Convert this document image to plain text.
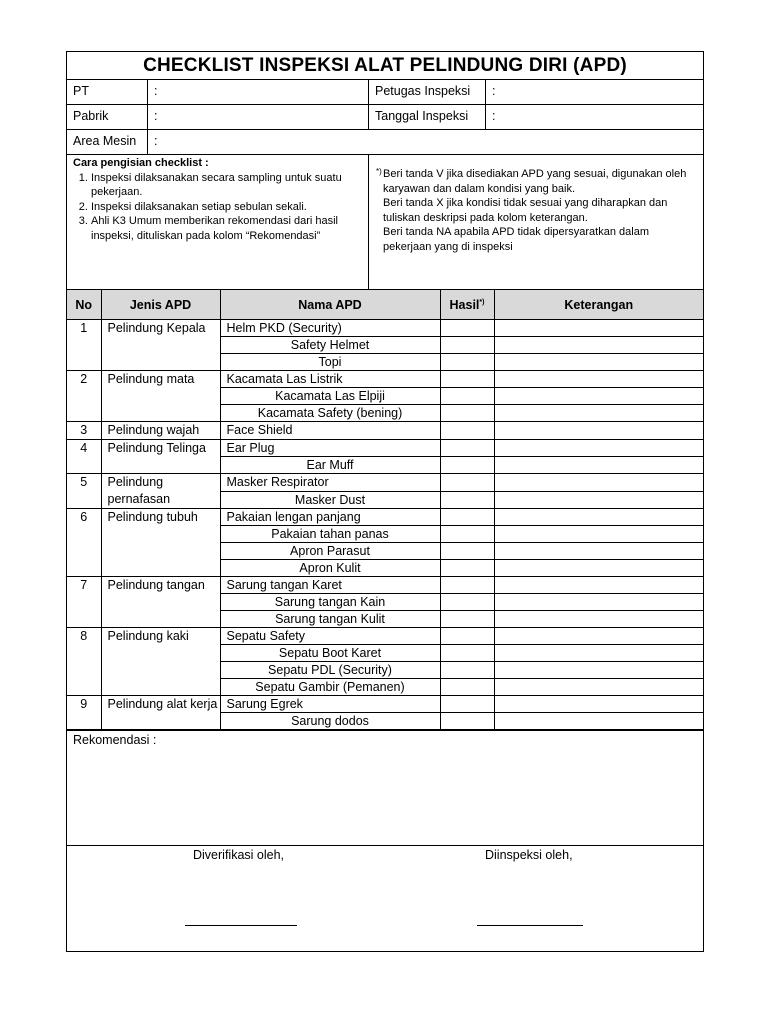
CHECKLIST INSPEKSI ALAT PELINDUNG DIRI (APD)
PT	:	Petugas Inspeksi	:
Pabrik	:	Tanggal Inspeksi	:
Area Mesin	:
Cara pengisian checklist :
1. Inspeksi dilaksanakan secara sampling untuk suatu pekerjaan.
2. Inspeksi dilaksanakan setiap sebulan sekali.
3. Ahli K3 Umum memberikan rekomendasi dari hasil inspeksi, dituliskan pada kolom “Rekomendasi”
*) Beri tanda V jika disediakan APD yang sesuai, digunakan oleh karyawan dan dalam kondisi yang baik.
Beri tanda X jika kondisi tidak sesuai yang diharapkan dan tuliskan deskripsi pada kolom keterangan.
Beri tanda NA apabila APD tidak dipersyaratkan dalam pekerjaan yang di inspeksi
No	Jenis APD	Nama APD	Hasil*)	Keterangan
1	Pelindung Kepala	Helm PKD (Security)		
		Safety Helmet		
		Topi		
2	Pelindung mata	Kacamata Las Listrik		
		Kacamata Las Elpiji		
		Kacamata Safety (bening)		
3	Pelindung wajah	Face Shield		
4	Pelindung Telinga	Ear Plug		
		Ear Muff		
5	Pelindung pernafasan	Masker Respirator		
		Masker Dust		
6	Pelindung tubuh	Pakaian lengan panjang		
		Pakaian tahan panas		
		Apron Parasut		
		Apron Kulit		
7	Pelindung tangan	Sarung tangan Karet		
		Sarung tangan Kain		
		Sarung tangan Kulit		
8	Pelindung kaki	Sepatu Safety		
		Sepatu Boot Karet		
		Sepatu PDL (Security)		
		Sepatu Gambir (Pemanen)		
9	Pelindung alat kerja	Sarung Egrek		
		Sarung dodos		
Rekomendasi :
Diverifikasi oleh,	Diinspeksi oleh,
